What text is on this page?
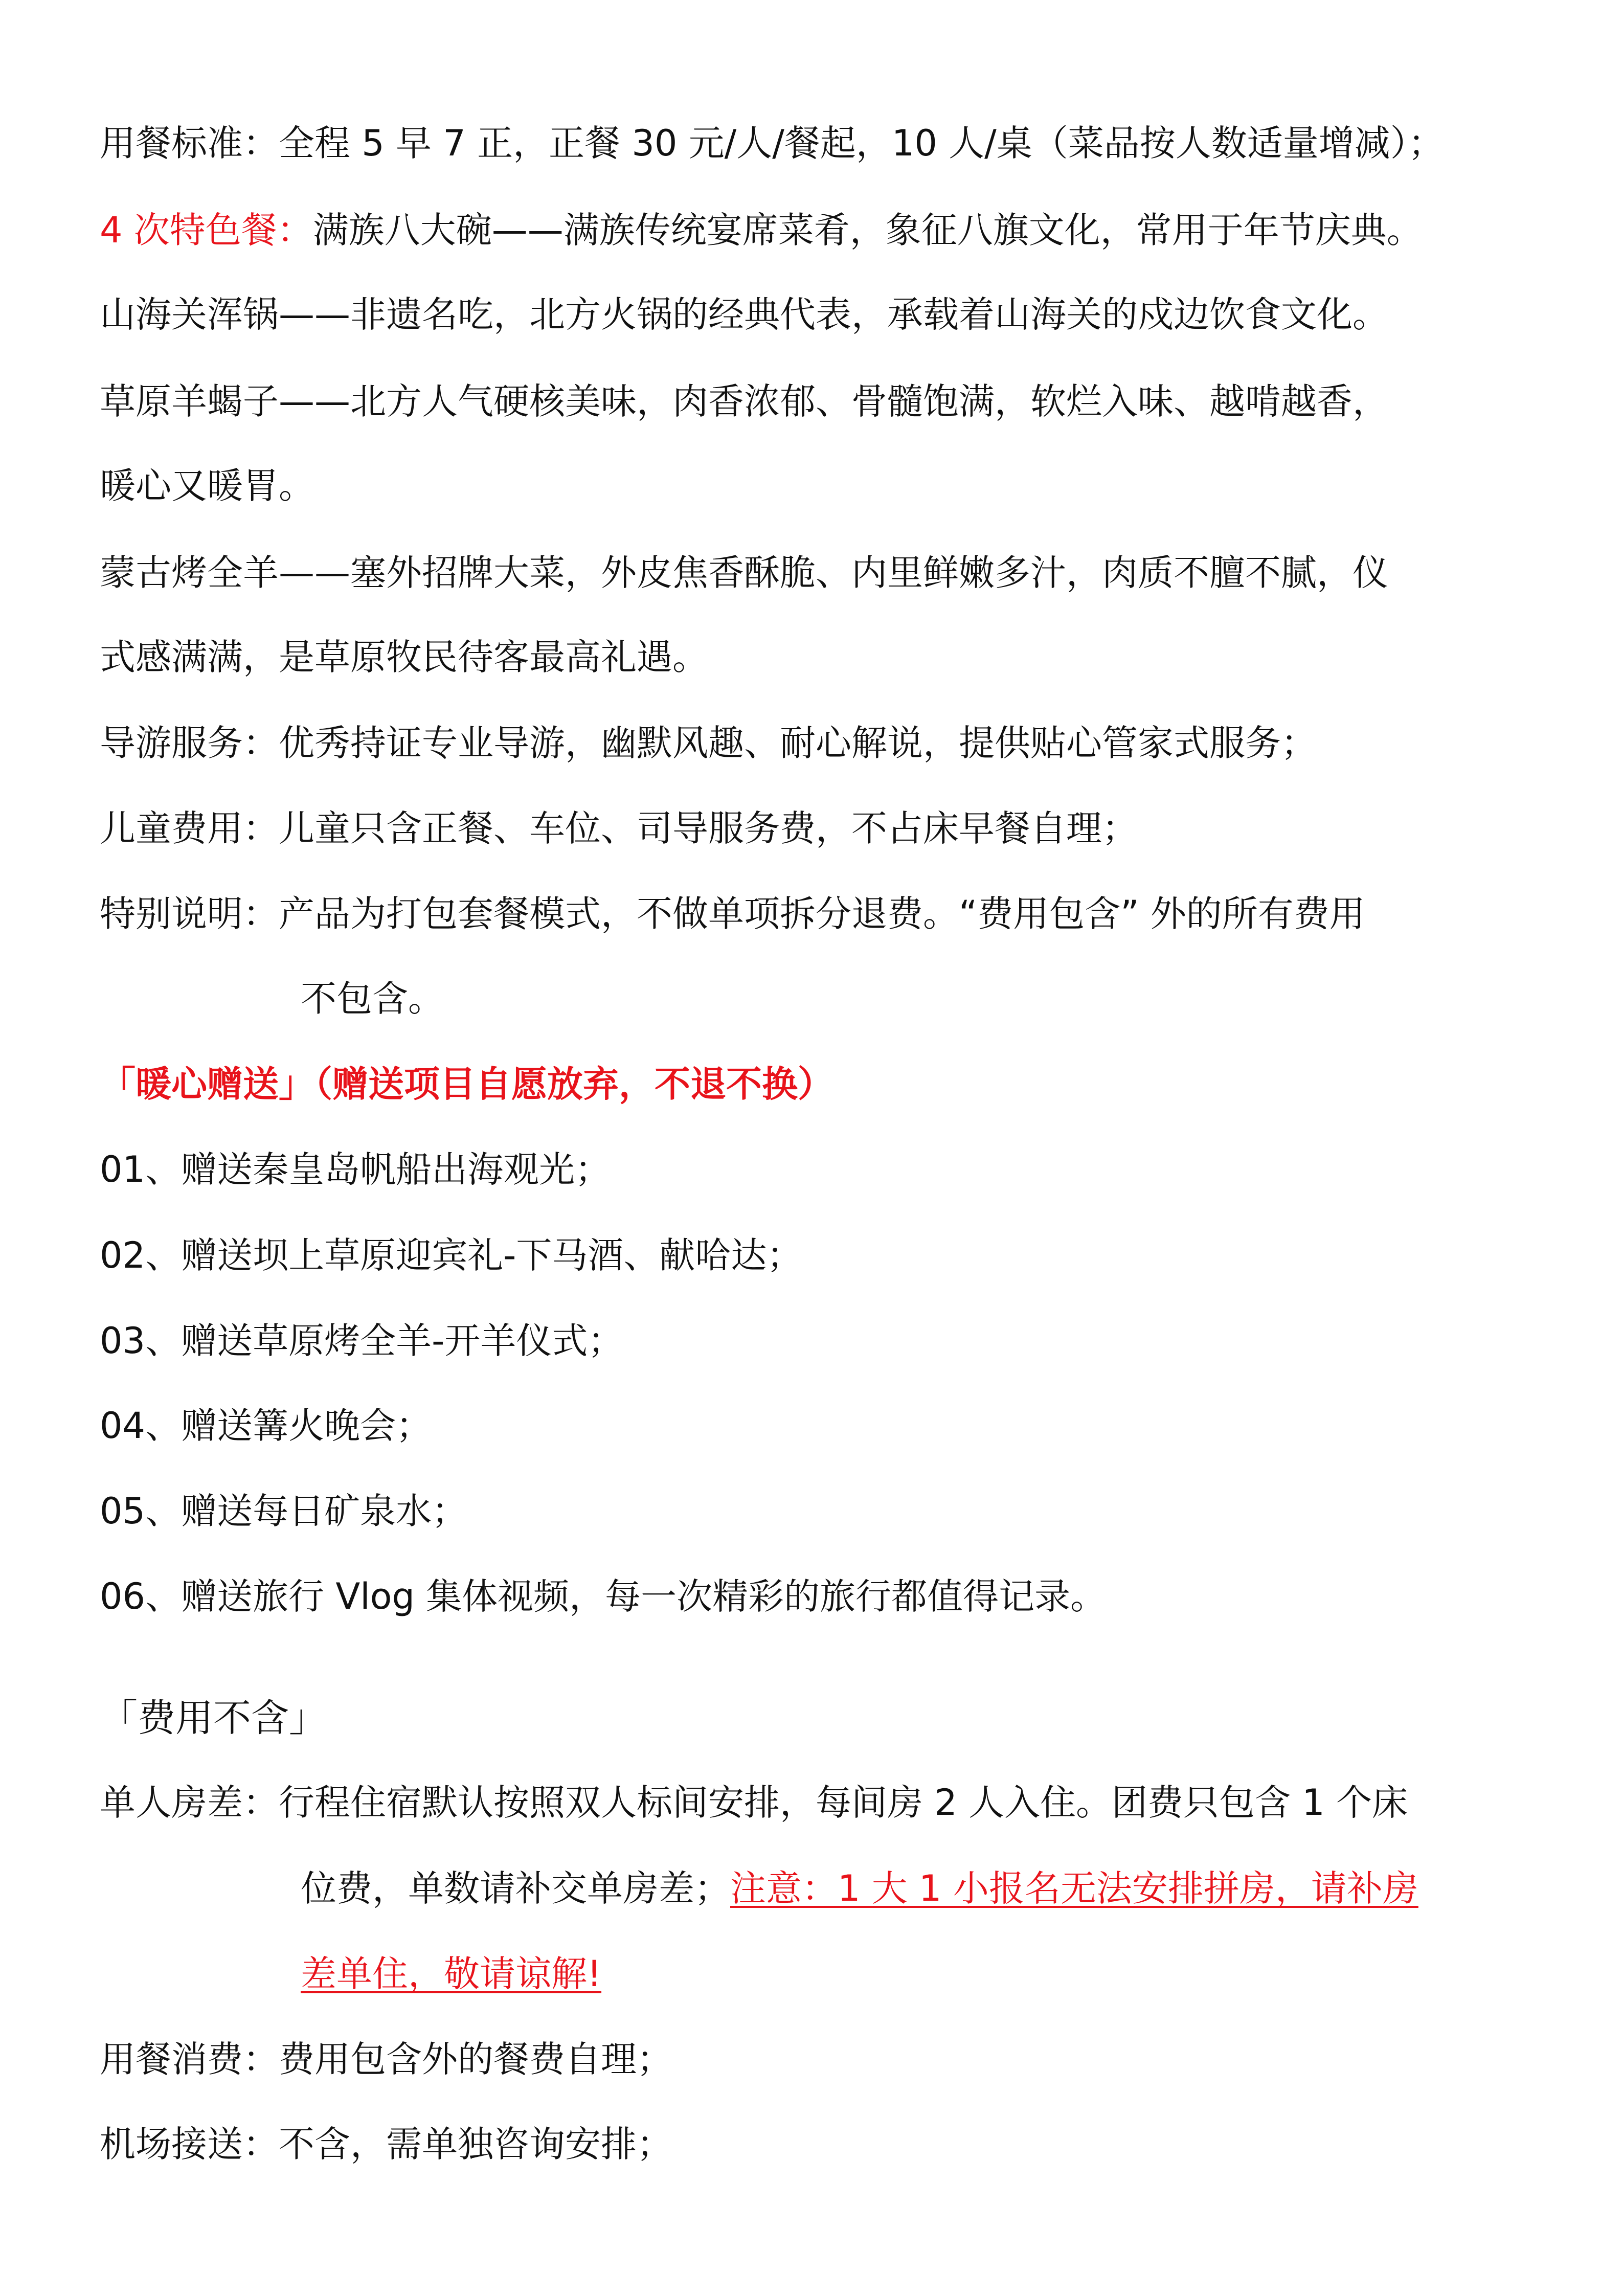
用餐标准：全程 5 早 7 正，正餐 30 元/人/餐起，10 人/桌（菜品按人数适量增减）；
4 次特色餐：满族八大碗——满族传统宴席菜肴，象征八旗文化，常用于年节庆典。
山海关浑锅——非遗名吃，北方火锅的经典代表，承载着山海关的戍边饮食文化。
草原羊蝎子——北方人气硬核美味，肉香浓郁、骨髓饱满，软烂入味、越啃越香，
暖心又暖胃。
蒙古烤全羊——塞外招牌大菜，外皮焦香酥脆、内里鲜嫩多汁，肉质不膻不腻，仪
式感满满，是草原牧民待客最高礼遇。
导游服务：优秀持证专业导游，幽默风趣、耐心解说，提供贴心管家式服务；
儿童费用：儿童只含正餐、车位、司导服务费，不占床早餐自理；
特别说明：产品为打包套餐模式，不做单项拆分退费。“费用包含” 外的所有费用
不包含。
「暖心赠送」（赠送项目自愿放弃，不退不换）
01、赠送秦皇岛帆船出海观光；
02、赠送坝上草原迎宾礼-下马酒、献哈达；
03、赠送草原烤全羊-开羊仪式；
04、赠送篝火晚会；
05、赠送每日矿泉水；
06、赠送旅行 Vlog 集体视频，每一次精彩的旅行都值得记录。
「费用不含」
单人房差：行程住宿默认按照双人标间安排，每间房 2 人入住。团费只包含 1 个床
位费，单数请补交单房差；注意：1 大 1 小报名无法安排拼房，请补房
差单住，敬请谅解!
用餐消费：费用包含外的餐费自理；
机场接送：不含，需单独咨询安排；
